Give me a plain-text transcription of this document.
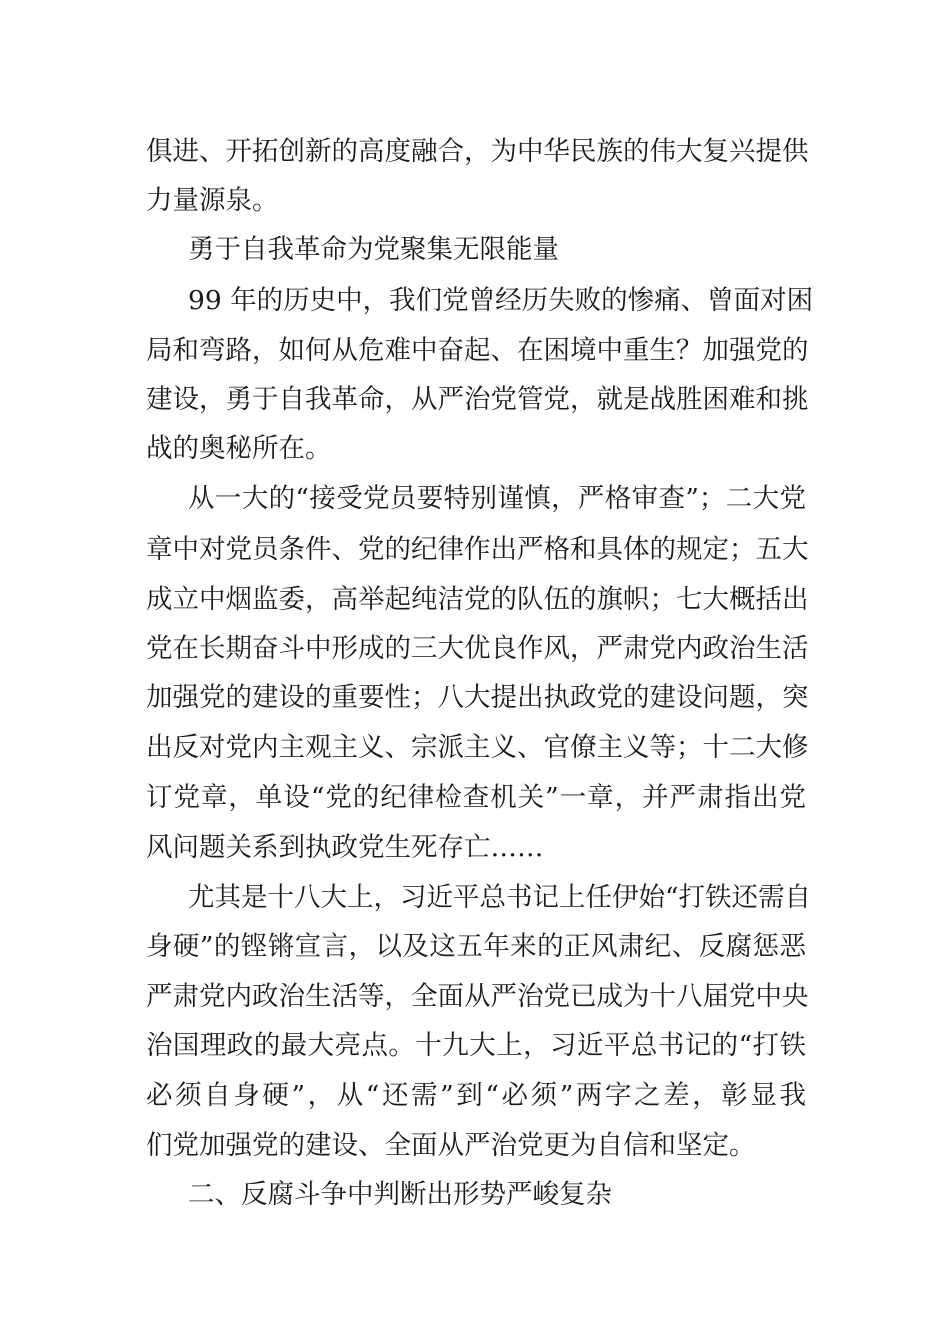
俱进、开拓创新的高度融合，为中华民族的伟大复兴提供
力量源泉。
勇于自我革命为党聚集无限能量
99 年的历史中，我们党曾经历失败的惨痛、曾面对困
局和弯路，如何从危难中奋起、在困境中重生？加强党的
建设，勇于自我革命，从严治党管党，就是战胜困难和挑
战的奥秘所在。
从一大的“接受党员要特别谨慎，严格审查”；二大党
章中对党员条件、党的纪律作出严格和具体的规定；五大
成立中烟监委，高举起纯洁党的队伍的旗帜；七大概括出
党在长期奋斗中形成的三大优良作风，严肃党内政治生活
加强党的建设的重要性；八大提出执政党的建设问题，突
出反对党内主观主义、宗派主义、官僚主义等；十二大修
订党章，单设“党的纪律检查机关”一章，并严肃指出党
风问题关系到执政党生死存亡……
尤其是十八大上，习近平总书记上任伊始“打铁还需自
身硬”的铿锵宣言，以及这五年来的正风肃纪、反腐惩恶
严肃党内政治生活等，全面从严治党已成为十八届党中央
治国理政的最大亮点。十九大上，习近平总书记的“打铁
必须自身硬”，从“还需”到“必须”两字之差，彰显我
们党加强党的建设、全面从严治党更为自信和坚定。
二、反腐斗争中判断出形势严峻复杂
